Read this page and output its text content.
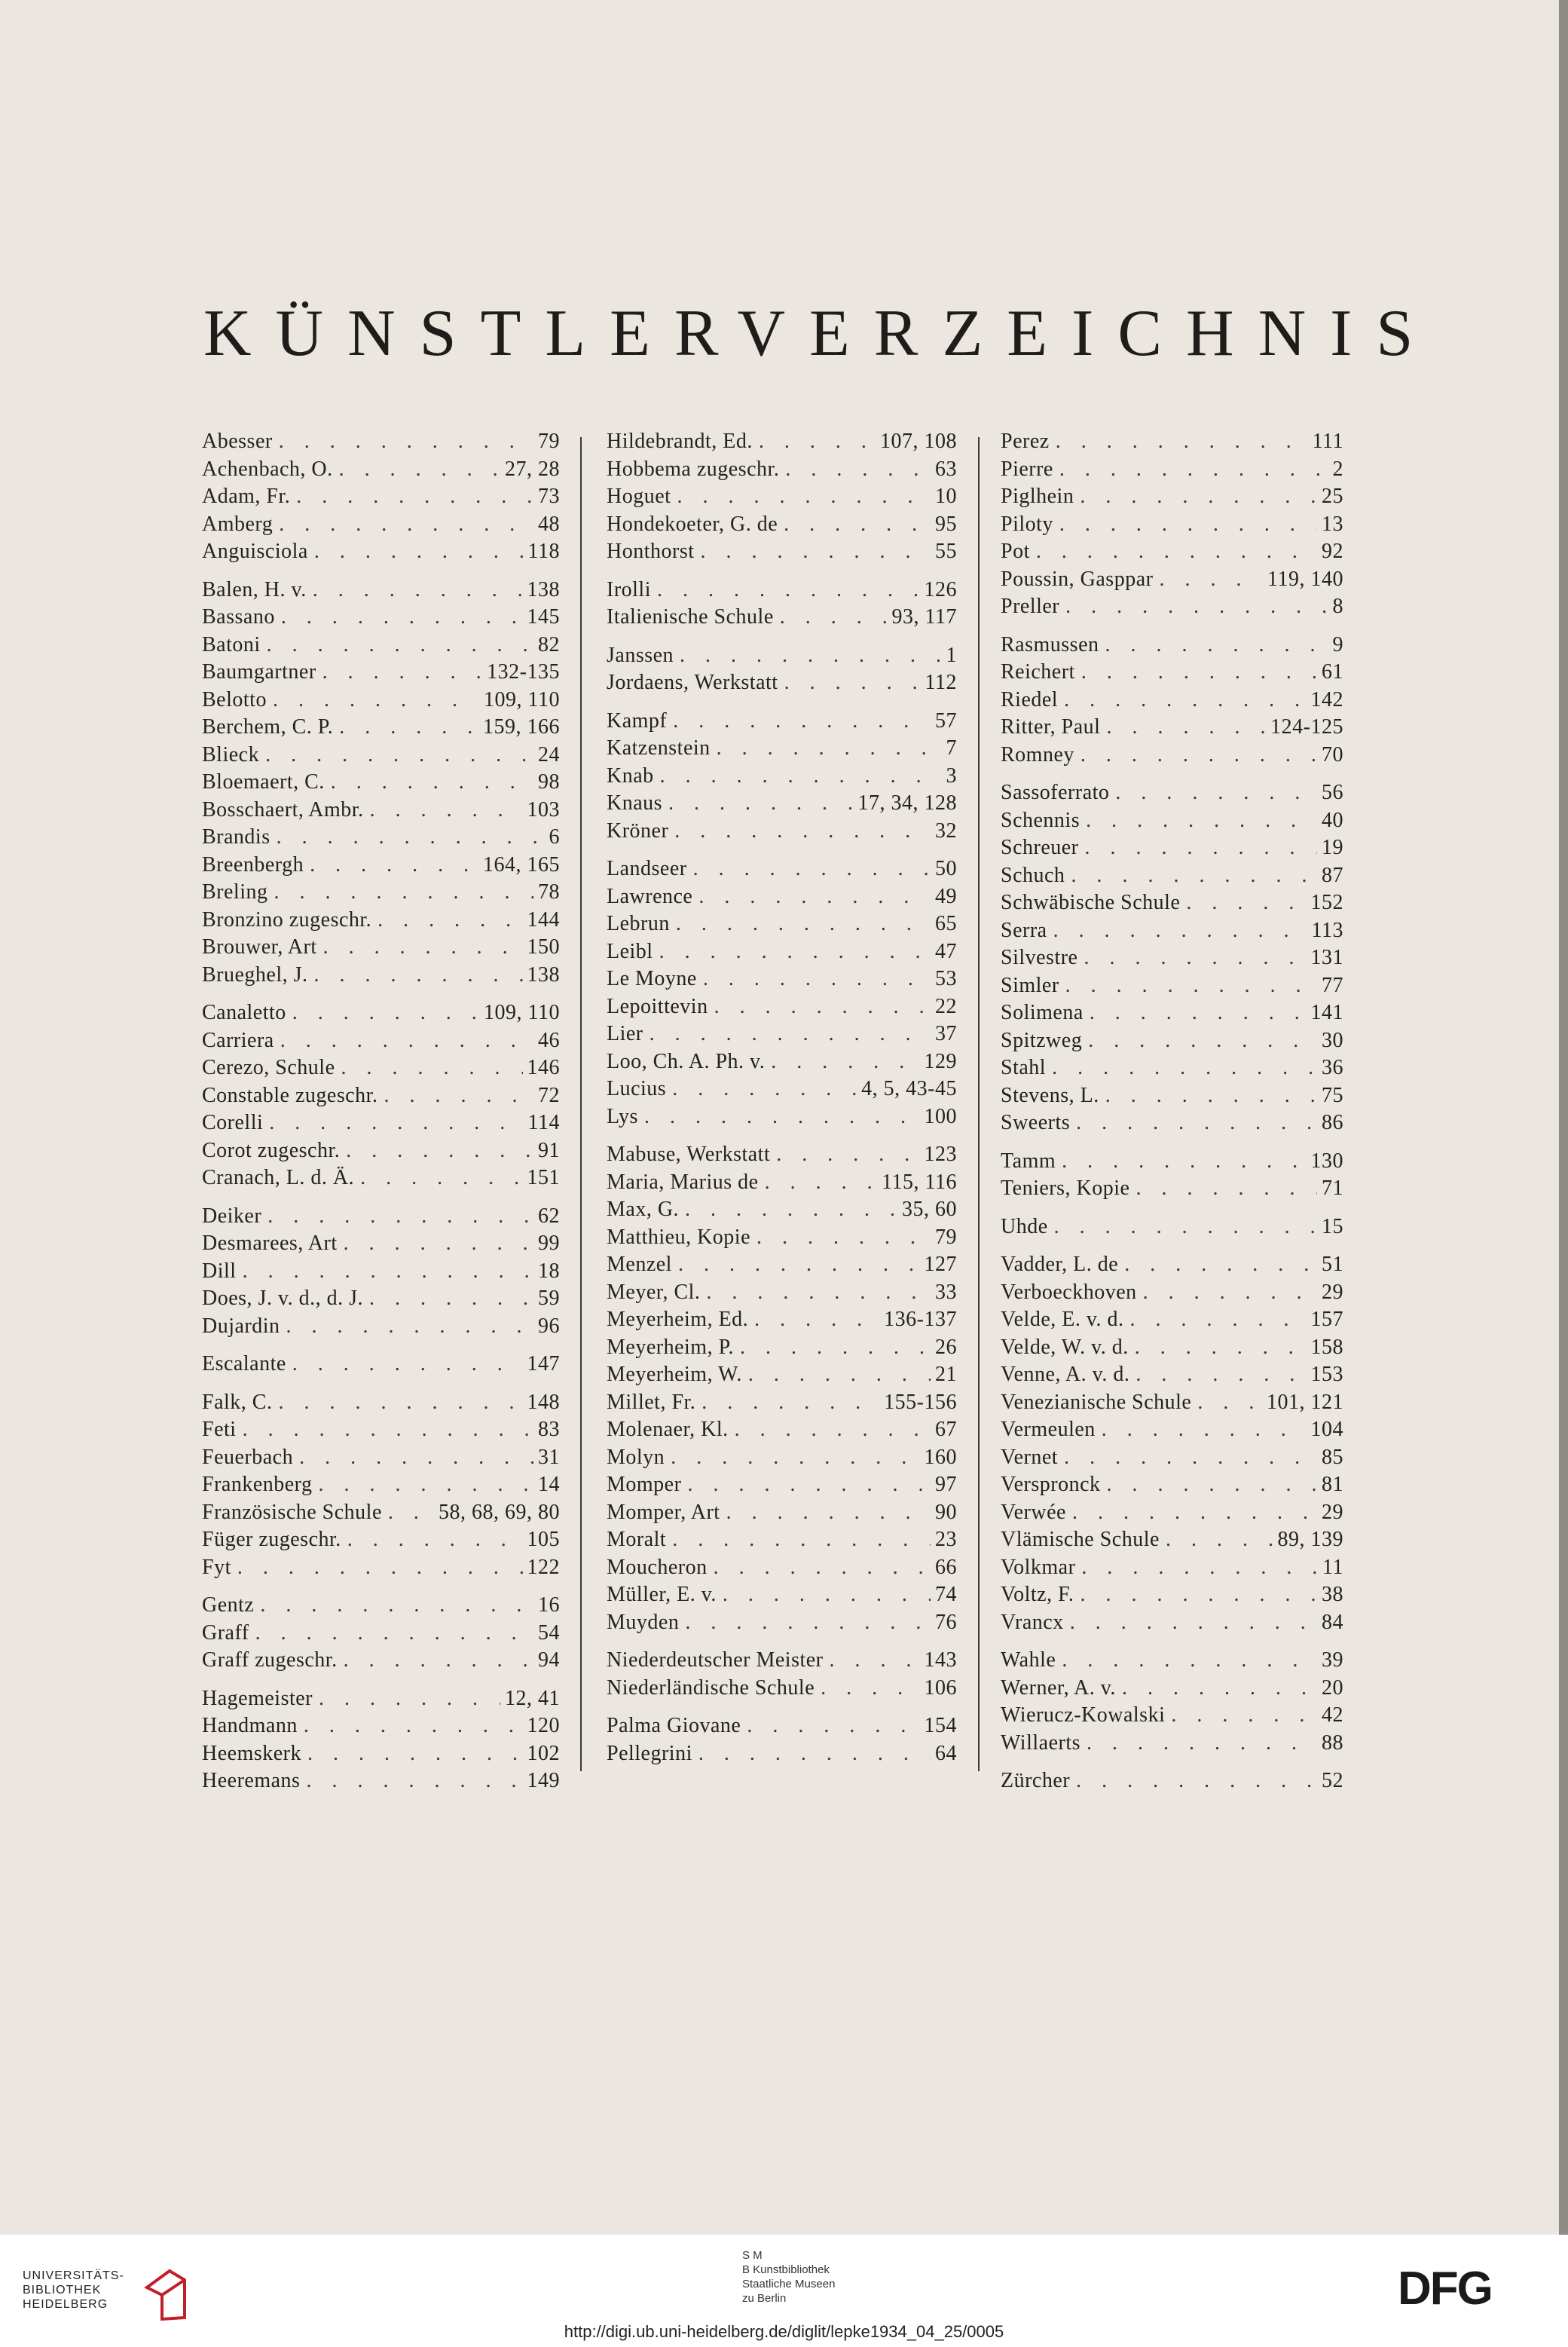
KÜNSTLERVERZEICHNIS
Abesser . . .	79
Achenbach, O. . . .	27, 28
Adam, Fr. . . .	73
Amberg . . .	48
Anguisciola . . .	118
Balen, H. v. . . .	138
Bassano . . .	145
Batoni . . .	82
Baumgartner . . .	132-135
Belotto . . .	109, 110
Berchem, C. P. . . .	159, 166
Blieck . . .	24
Bloemaert, C. . . .	98
Bosschaert, Ambr. . . .	103
Brandis . . .	6
Breenbergh . . .	164, 165
Breling . . .	78
Bronzino zugeschr. . . .	144
Brouwer, Art . . .	150
Brueghel, J. . . .	138
Canaletto . . .	109, 110
Carriera . . .	46
Cerezo, Schule . . .	146
Constable zugeschr. . . .	72
Corelli . . .	114
Corot zugeschr. . . .	91
Cranach, L. d. Ä. . . .	151
Deiker . . .	62
Desmarees, Art . . .	99
Dill . . .	18
Does, J. v. d., d. J. . . .	59
Dujardin . . .	96
Escalante . . .	147
Falk, C. . . .	148
Feti . . .	83
Feuerbach . . .	31
Frankenberg . . .	14
Französische Schule . . .	58, 68, 69, 80
Füger zugeschr. . . .	105
Fyt . . .	122
Gentz . . .	16
Graff . . .	54
Graff zugeschr. . . .	94
Hagemeister . . .	12, 41
Handmann . . .	120
Heemskerk . . .	102
Heeremans . . .	149
Hildebrandt, Ed. . . .	107, 108
Hobbema zugeschr. . . .	63
Hoguet . . .	10
Hondekoeter, G. de . . .	95
Honthorst . . .	55
Irolli . . .	126
Italienische Schule . . .	93, 117
Janssen . . .	1
Jordaens, Werkstatt . . .	112
Kampf . . .	57
Katzenstein . . .	7
Knab . . .	3
Knaus . . .	17, 34, 128
Kröner . . .	32
Landseer . . .	50
Lawrence . . .	49
Lebrun . . .	65
Leibl . . .	47
Le Moyne . . .	53
Lepoittevin . . .	22
Lier . . .	37
Loo, Ch. A. Ph. v. . . .	129
Lucius . . .	4, 5, 43-45
Lys . . .	100
Mabuse, Werkstatt . . .	123
Maria, Marius de . . .	115, 116
Max, G. . . .	35, 60
Matthieu, Kopie . . .	79
Menzel . . .	127
Meyer, Cl. . . .	33
Meyerheim, Ed. . . .	136-137
Meyerheim, P. . . .	26
Meyerheim, W. . . .	21
Millet, Fr. . . .	155-156
Molenaer, Kl. . . .	67
Molyn . . .	160
Momper . . .	97
Momper, Art . . .	90
Moralt . . .	23
Moucheron . . .	66
Müller, E. v. . . .	74
Muyden . . .	76
Niederdeutscher Meister . . .	143
Niederländische Schule . . .	106
Palma Giovane . . .	154
Pellegrini . . .	64
Perez . . .	111
Pierre . . .	2
Piglhein . . .	25
Piloty . . .	13
Pot . . .	92
Poussin, Gasppar . . .	119, 140
Preller . . .	8
Rasmussen . . .	9
Reichert . . .	61
Riedel . . .	142
Ritter, Paul . . .	124-125
Romney . . .	70
Sassoferrato . . .	56
Schennis . . .	40
Schreuer . . .	19
Schuch . . .	87
Schwäbische Schule . . .	152
Serra . . .	113
Silvestre . . .	131
Simler . . .	77
Solimena . . .	141
Spitzweg . . .	30
Stahl . . .	36
Stevens, L. . . .	75
Sweerts . . .	86
Tamm . . .	130
Teniers, Kopie . . .	71
Uhde . . .	15
Vadder, L. de . . .	51
Verboeckhoven . . .	29
Velde, E. v. d. . . .	157
Velde, W. v. d. . . .	158
Venne, A. v. d. . . .	153
Venezianische Schule . . .	101, 121
Vermeulen . . .	104
Vernet . . .	85
Verspronck . . .	81
Verwée . . .	29
Vlämische Schule . . .	89, 139
Volkmar . . .	11
Voltz, F. . . .	38
Vrancx . . .	84
Wahle . . .	39
Werner, A. v. . . .	20
Wierucz-Kowalski . . .	42
Willaerts . . .	88
Zürcher . . .	52
UNIVERSITÄTS-
BIBLIOTHEK
HEIDELBERG
S M
B Kunstbibliothek
Staatliche Museen
zu Berlin	DFG
http://digi.ub.uni-heidelberg.de/diglit/lepke1934_04_25/0005
